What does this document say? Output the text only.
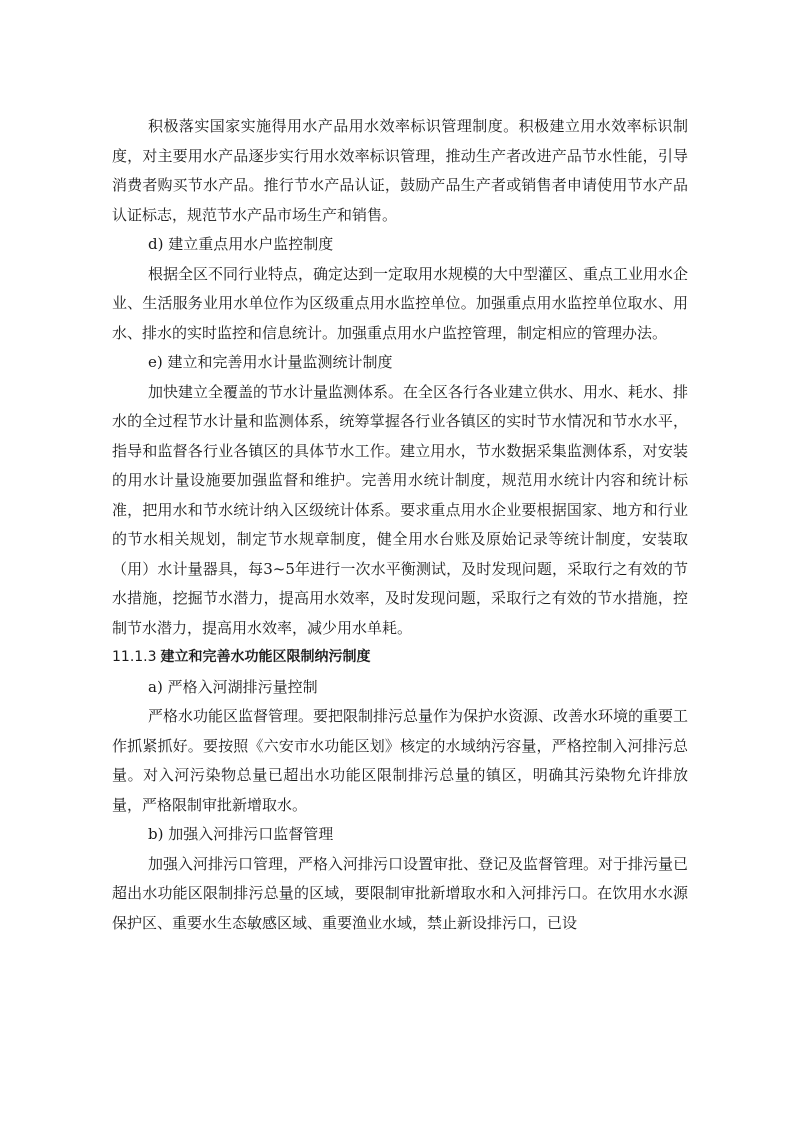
积极落实国家实施得用水产品用水效率标识管理制度。积极建立用水效率标识制度，对主要用水产品逐步实行用水效率标识管理，推动生产者改进产品节水性能，引导消费者购买节水产品。推行节水产品认证，鼓励产品生产者或销售者申请使用节水产品认证标志，规范节水产品市场生产和销售。

d) 建立重点用水户监控制度

根据全区不同行业特点，确定达到一定取用水规模的大中型灌区、重点工业用水企业、生活服务业用水单位作为区级重点用水监控单位。加强重点用水监控单位取水、用水、排水的实时监控和信息统计。加强重点用水户监控管理，制定相应的管理办法。

e) 建立和完善用水计量监测统计制度

加快建立全覆盖的节水计量监测体系。在全区各行各业建立供水、用水、耗水、排水的全过程节水计量和监测体系，统筹掌握各行业各镇区的实时节水情况和节水水平，指导和监督各行业各镇区的具体节水工作。建立用水，节水数据采集监测体系，对安装的用水计量设施要加强监督和维护。完善用水统计制度，规范用水统计内容和统计标准，把用水和节水统计纳入区级统计体系。要求重点用水企业要根据国家、地方和行业的节水相关规划，制定节水规章制度，健全用水台账及原始记录等统计制度，安装取（用）水计量器具，每3~5年进行一次水平衡测试，及时发现问题，采取行之有效的节水措施，挖掘节水潜力，提高用水效率，及时发现问题，采取行之有效的节水措施，控制节水潜力，提高用水效率，减少用水单耗。

11.1.3 建立和完善水功能区限制纳污制度

a) 严格入河湖排污量控制

严格水功能区监督管理。要把限制排污总量作为保护水资源、改善水环境的重要工作抓紧抓好。要按照《六安市水功能区划》核定的水域纳污容量，严格控制入河排污总量。对入河污染物总量已超出水功能区限制排污总量的镇区，明确其污染物允许排放量，严格限制审批新增取水。

b) 加强入河排污口监督管理

加强入河排污口管理，严格入河排污口设置审批、登记及监督管理。对于排污量已超出水功能区限制排污总量的区域，要限制审批新增取水和入河排污口。在饮用水水源保护区、重要水生态敏感区域、重要渔业水域，禁止新设排污口，已设
